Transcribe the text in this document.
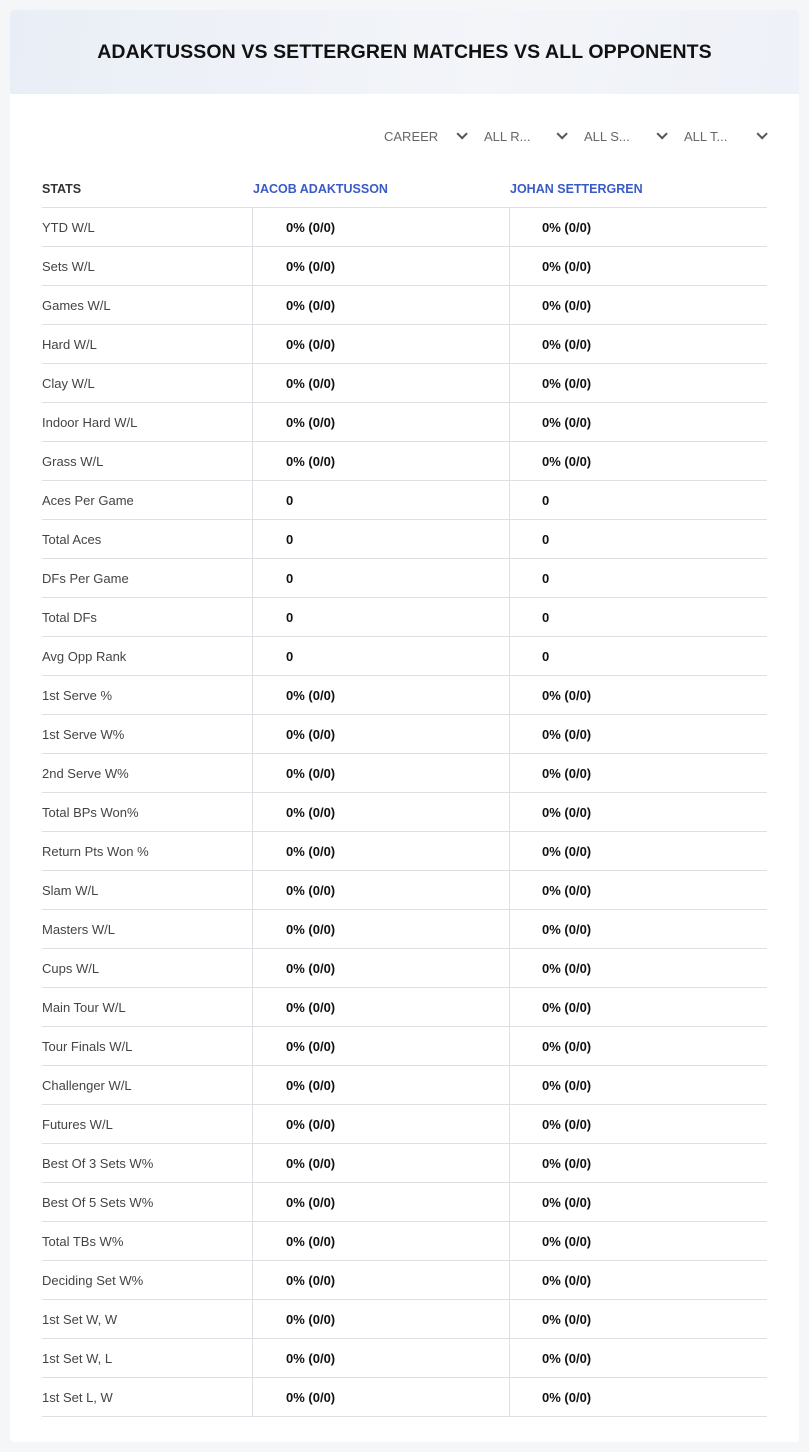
ADAKTUSSON VS SETTERGREN MATCHES VS ALL OPPONENTS
CAREER	ALL R...	ALL S...	ALL T...
STATS	JACOB ADAKTUSSON	JOHAN SETTERGREN
YTD W/L	0% (0/0)	0% (0/0)
Sets W/L	0% (0/0)	0% (0/0)
Games W/L	0% (0/0)	0% (0/0)
Hard W/L	0% (0/0)	0% (0/0)
Clay W/L	0% (0/0)	0% (0/0)
Indoor Hard W/L	0% (0/0)	0% (0/0)
Grass W/L	0% (0/0)	0% (0/0)
Aces Per Game	0	0
Total Aces	0	0
DFs Per Game	0	0
Total DFs	0	0
Avg Opp Rank	0	0
1st Serve %	0% (0/0)	0% (0/0)
1st Serve W%	0% (0/0)	0% (0/0)
2nd Serve W%	0% (0/0)	0% (0/0)
Total BPs Won%	0% (0/0)	0% (0/0)
Return Pts Won %	0% (0/0)	0% (0/0)
Slam W/L	0% (0/0)	0% (0/0)
Masters W/L	0% (0/0)	0% (0/0)
Cups W/L	0% (0/0)	0% (0/0)
Main Tour W/L	0% (0/0)	0% (0/0)
Tour Finals W/L	0% (0/0)	0% (0/0)
Challenger W/L	0% (0/0)	0% (0/0)
Futures W/L	0% (0/0)	0% (0/0)
Best Of 3 Sets W%	0% (0/0)	0% (0/0)
Best Of 5 Sets W%	0% (0/0)	0% (0/0)
Total TBs W%	0% (0/0)	0% (0/0)
Deciding Set W%	0% (0/0)	0% (0/0)
1st Set W, W	0% (0/0)	0% (0/0)
1st Set W, L	0% (0/0)	0% (0/0)
1st Set L, W	0% (0/0)	0% (0/0)
